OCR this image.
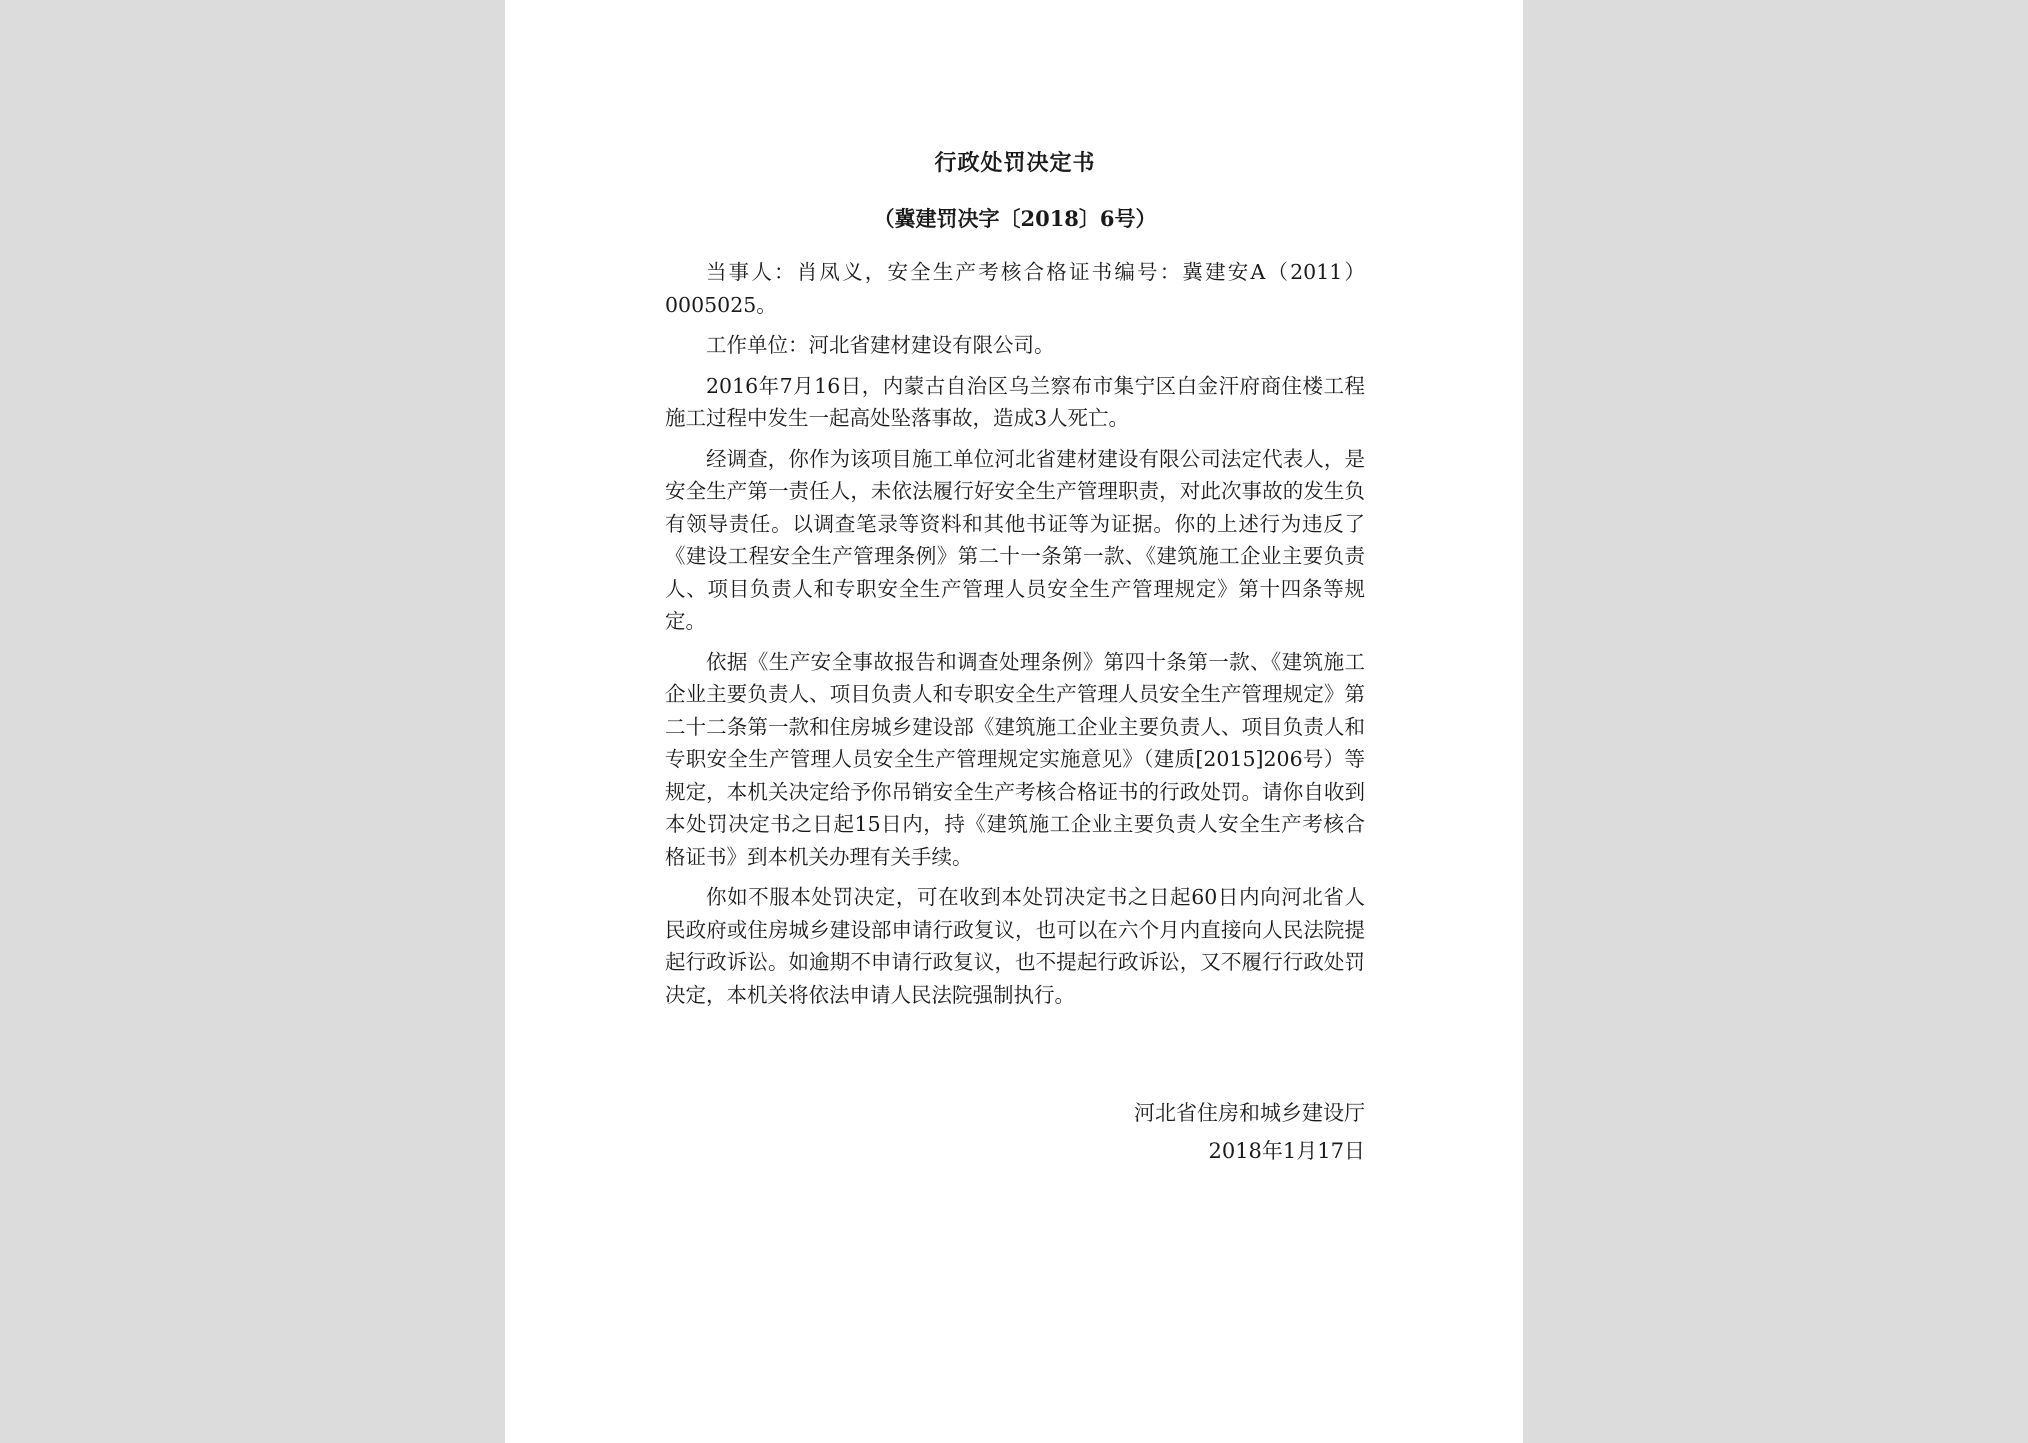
行政处罚决定书
（冀建罚决字〔2018〕6号）

当事人：肖凤义，安全生产考核合格证书编号：冀建安A（2011）0005025。

工作单位：河北省建材建设有限公司。

2016年7月16日，内蒙古自治区乌兰察布市集宁区白金汗府商住楼工程施工过程中发生一起高处坠落事故，造成3人死亡。

经调查，你作为该项目施工单位河北省建材建设有限公司法定代表人，是安全生产第一责任人，未依法履行好安全生产管理职责，对此次事故的发生负有领导责任。以调查笔录等资料和其他书证等为证据。你的上述行为违反了《建设工程安全生产管理条例》第二十一条第一款、《建筑施工企业主要负责人、项目负责人和专职安全生产管理人员安全生产管理规定》第十四条等规定。

依据《生产安全事故报告和调查处理条例》第四十条第一款、《建筑施工企业主要负责人、项目负责人和专职安全生产管理人员安全生产管理规定》第二十二条第一款和住房城乡建设部《建筑施工企业主要负责人、项目负责人和专职安全生产管理人员安全生产管理规定实施意见》（建质[2015]206号）等规定，本机关决定给予你吊销安全生产考核合格证书的行政处罚。请你自收到本处罚决定书之日起15日内，持《建筑施工企业主要负责人安全生产考核合格证书》到本机关办理有关手续。

你如不服本处罚决定，可在收到本处罚决定书之日起60日内向河北省人民政府或住房城乡建设部申请行政复议，也可以在六个月内直接向人民法院提起行政诉讼。如逾期不申请行政复议，也不提起行政诉讼，又不履行行政处罚决定，本机关将依法申请人民法院强制执行。

河北省住房和城乡建设厅
2018年1月17日
